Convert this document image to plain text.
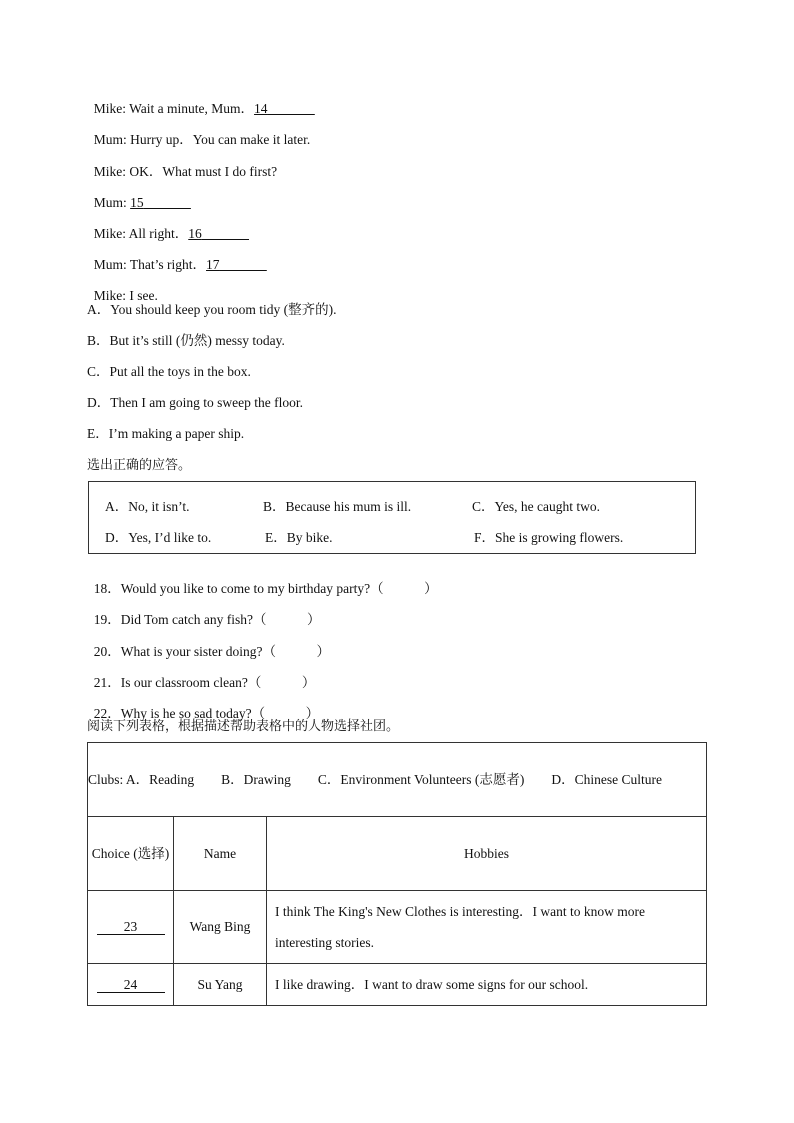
Mike: Wait a minute, Mum．14

Mum: Hurry up．You can make it later.

Mike: OK．What must I do first?

Mum: 15

Mike: All right．16

Mum: That’s right．17

Mike: I see.

A．You should keep you room tidy (整齐的).
B．But it’s still (仍然) messy today.
C．Put all the toys in the box.
D．Then I am going to sweep the floor.
E．I’m making a paper ship.
选出正确的应答。
A．No, it isn’t.	B．Because his mum is ill.	C．Yes, he caught two.
D．Yes, I’d like to.	E．By bike.	F．She is growing flowers.

18．Would you like to come to my birthday party?（　　　）

19．Did Tom catch any fish?（　　　）

20．What is your sister doing?（　　　）

21．Is our classroom clean?（　　　）

22．Why is he so sad today?（　　　）

阅读下列表格，根据描述帮助表格中的人物选择社团。
Clubs: A．Reading　　B．Drawing　　C．Environment Volunteers (志愿者)　　D．Chinese Culture		
Choice (选择)	Name	Hobbies
23	Wang Bing	I think The King's New Clothes is interesting．I want to know more interesting stories.
24	Su Yang	I like drawing．I want to draw some signs for our school.
